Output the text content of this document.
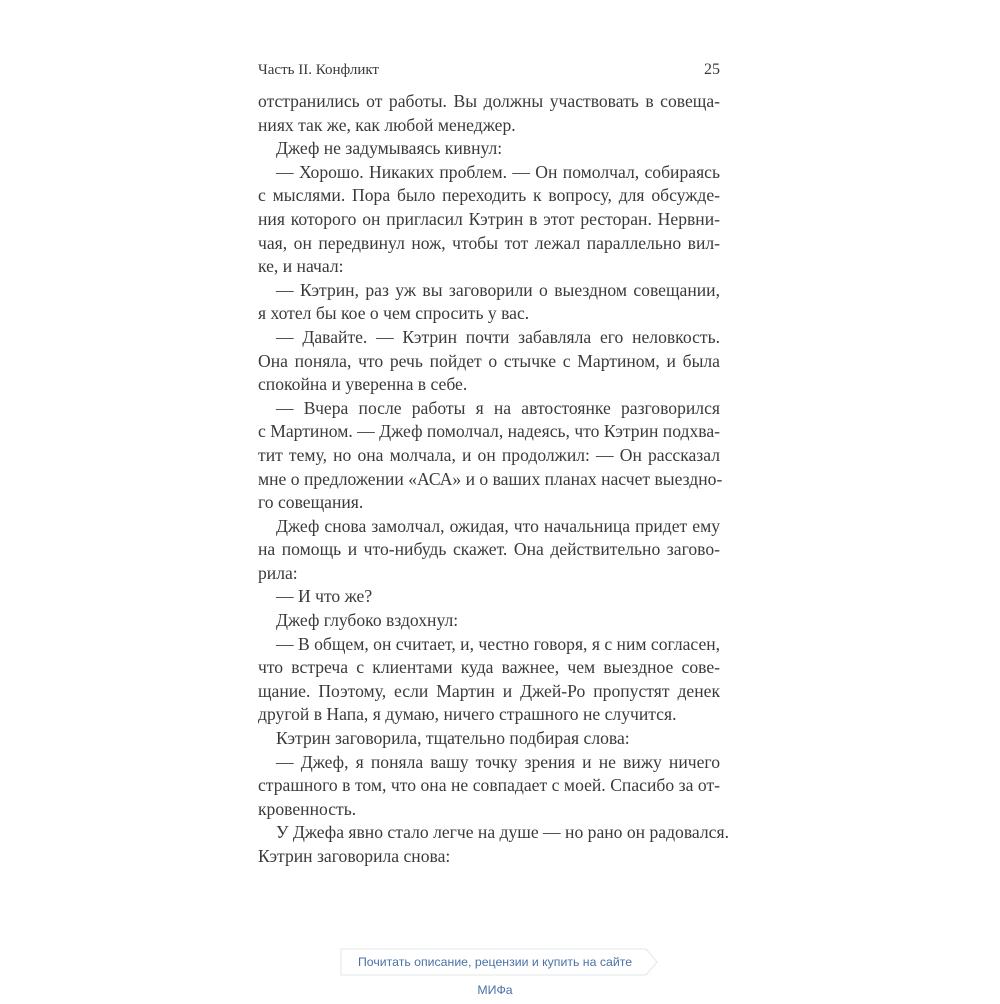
Часть II. Конфликт	25
отстранились от работы. Вы должны участвовать в совеща-
ниях так же, как любой менеджер.
Джеф не задумываясь кивнул:
— Хорошо. Никаких проблем. — Он помолчал, собираясь
с мыслями. Пора было переходить к вопросу, для обсужде-
ния которого он пригласил Кэтрин в этот ресторан. Нервни-
чая, он передвинул нож, чтобы тот лежал параллельно вил-
ке, и начал:
— Кэтрин, раз уж вы заговорили о выездном совещании,
я хотел бы кое о чем спросить у вас.
— Давайте. — Кэтрин почти забавляла его неловкость.
Она поняла, что речь пойдет о стычке с Мартином, и была
спокойна и уверенна в себе.
— Вчера после работы я на автостоянке разговорился
с Мартином. — Джеф помолчал, надеясь, что Кэтрин подхва-
тит тему, но она молчала, и он продолжил: — Он рассказал
мне о предложении «АСА» и о ваших планах насчет выездно-
го совещания.
Джеф снова замолчал, ожидая, что начальница придет ему
на помощь и что-нибудь скажет. Она действительно загово-
рила:
— И что же?
Джеф глубоко вздохнул:
— В общем, он считает, и, честно говоря, я с ним согласен,
что встреча с клиентами куда важнее, чем выездное сове-
щание. Поэтому, если Мартин и Джей-Ро пропустят денек
другой в Напа, я думаю, ничего страшного не случится.
Кэтрин заговорила, тщательно подбирая слова:
— Джеф, я поняла вашу точку зрения и не вижу ничего
страшного в том, что она не совпадает с моей. Спасибо за от-
кровенность.
У Джефа явно стало легче на душе — но рано он радовался.
Кэтрин заговорила снова:
Почитать описание, рецензии и купить на сайте МИФа
